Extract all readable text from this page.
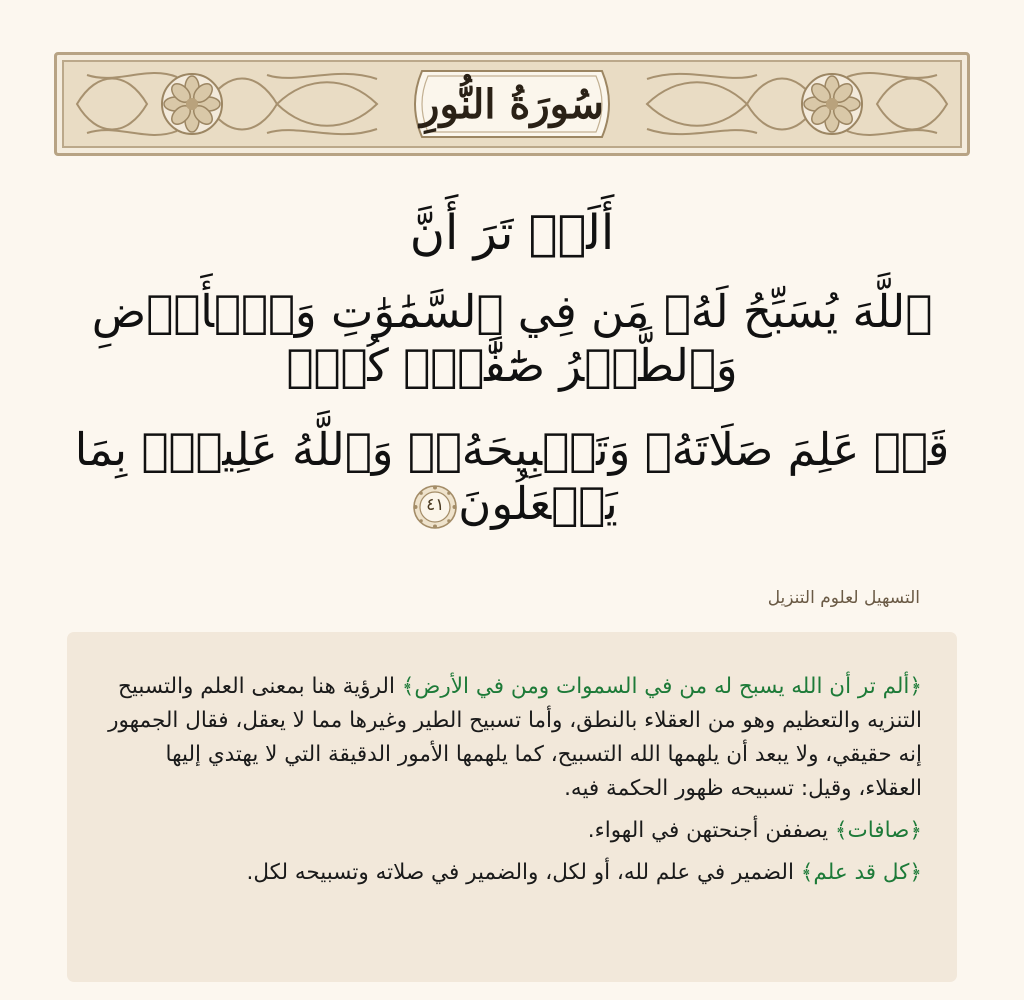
سُورَةُ النُّورِ

أَلَمۡ تَرَ أَنَّ

ٱللَّهَ يُسَبِّحُ لَهُۥ مَن فِي ٱلسَّمَٰوَٰتِ وَٱلۡأَرۡضِ وَٱلطَّيۡرُ صَٰٓفَّٰتٖۖ كُلّٞ

قَدۡ عَلِمَ صَلَاتَهُۥ وَتَسۡبِيحَهُۥۗ وَٱللَّهُ عَلِيمُۢ بِمَا يَفۡعَلُونَ
٤١

التسهيل لعلوم التنزيل

﴿ألم تر أن الله يسبح له من في السموات ومن في الأرض﴾ الرؤية هنا بمعنى العلم والتسبيح التنزيه والتعظيم وهو من العقلاء بالنطق، وأما تسبيح الطير وغيرها مما لا يعقل، فقال الجمهور إنه حقيقي، ولا يبعد أن يلهمها الله التسبيح، كما يلهمها الأمور الدقيقة التي لا يهتدي إليها العقلاء، وقيل: تسبيحه ظهور الحكمة فيه.

﴿صافات﴾ يصففن أجنحتهن في الهواء.

﴿كل قد علم﴾ الضمير في علم لله، أو لكل، والضمير في صلاته وتسبيحه لكل.
